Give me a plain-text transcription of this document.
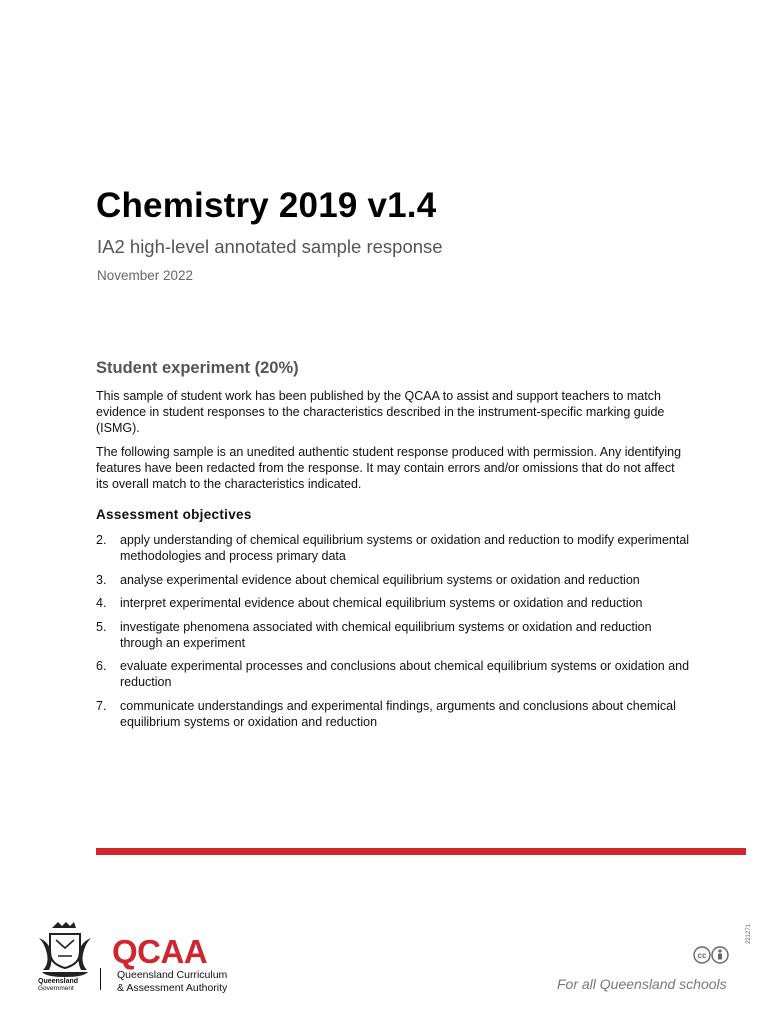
Chemistry 2019 v1.4
IA2 high-level annotated sample response
November 2022
Student experiment (20%)

This sample of student work has been published by the QCAA to assist and support teachers to match evidence in student responses to the characteristics described in the instrument-specific marking guide (ISMG).

The following sample is an unedited authentic student response produced with permission. Any identifying features have been redacted from the response. It may contain errors and/or omissions that do not affect its overall match to the characteristics indicated.

Assessment objectives
2. apply understanding of chemical equilibrium systems or oxidation and reduction to modify experimental methodologies and process primary data
3. analyse experimental evidence about chemical equilibrium systems or oxidation and reduction
4. interpret experimental evidence about chemical equilibrium systems or oxidation and reduction
5. investigate phenomena associated with chemical equilibrium systems or oxidation and reduction through an experiment
6. evaluate experimental processes and conclusions about chemical equilibrium systems or oxidation and reduction
7. communicate understandings and experimental findings, arguments and conclusions about chemical equilibrium systems or oxidation and reduction
Queensland
Government
QCAA
Queensland Curriculum
& Assessment Authority
cc
221271
For all Queensland schools
